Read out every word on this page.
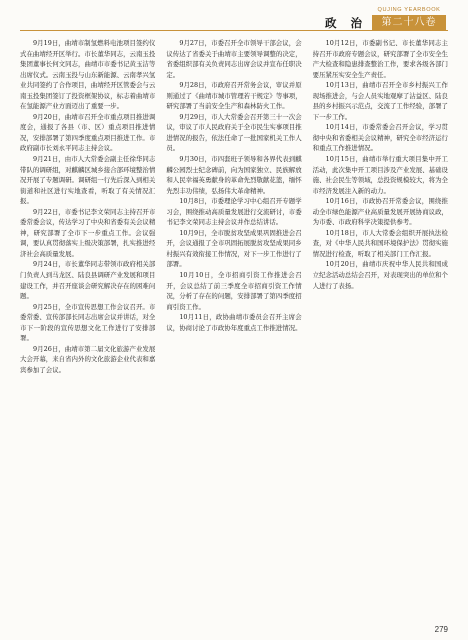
政 治
QUJING YEARBOOK
第二十八卷

9月19日，曲靖市制氢燃料电池项目签约仪式在曲靖经开区举行。市长董华同志，云南玉投集团董事长何文同志，曲靖市市委书记黄玉洁等出席仪式。云南玉投与山东新能源、云南孝兴氢业共同签约了合作项目，曲靖经开区管委会与云南玉投集团签订了投资框架协议，标志着曲靖市在氢能源产业方面迈出了重要一步。

9月20日，曲靖市召开全市重点项目推进调度会，通报了各县（市、区）重点项目推进情况，安排部署了第四季度重点项目推进工作。市政府副市长刘永平同志主持会议。

9月21日，由市人大常委会副主任徐华同志带队的调研组，对麒麟区城乡接合部环境整治情况开展了专题调研。调研组一行先后深入到相关街道和社区进行实地查看，听取了有关情况汇报。

9月22日，市委书记李文荣同志主持召开市委常委会议，传达学习了中央和省委有关会议精神，研究部署了全市下一步重点工作。会议强调，要认真贯彻落实上级决策部署，扎实推进经济社会高质量发展。

9月24日，市长董华同志带领市政府相关部门负责人到马龙区、陆良县调研产业发展和项目建设工作，并召开座谈会研究解决存在的困难问题。

9月25日，全市宣传思想工作会议召开。市委常委、宣传部部长同志出席会议并讲话，对全市下一阶段的宣传思想文化工作进行了安排部署。

9月26日，曲靖市第二届文化旅游产业发展大会开幕，来自省内外的文化旅游企业代表和嘉宾参加了会议。

9月27日，市委召开全市领导干部会议，会议传达了省委关于曲靖市主要领导调整的决定，省委组织部有关负责同志出席会议并宣布任职决定。

9月28日，市政府召开常务会议，审议并原则通过了《曲靖市城市管理若干规定》等事项，研究部署了当前安全生产和森林防火工作。

9月29日，市人大常委会召开第三十一次会议，审议了市人民政府关于全市民生实事项目推进情况的报告，依法任命了一批国家机关工作人员。

9月30日，市四套班子领导和各界代表到麒麟公园烈士纪念碑前，向为国家独立、民族解放和人民幸福英勇献身的革命先烈敬献花篮，缅怀先烈丰功伟绩，弘扬伟大革命精神。

10月8日，市委理论学习中心组召开专题学习会，围绕推动高质量发展进行交流研讨，市委书记李文荣同志主持会议并作总结讲话。

10月9日，全市脱贫攻坚成果巩固推进会召开，会议通报了全市巩固拓展脱贫攻坚成果同乡村振兴有效衔接工作情况，对下一步工作进行了部署。

10月10日，全市招商引资工作推进会召开，会议总结了前三季度全市招商引资工作情况，分析了存在的问题，安排部署了第四季度招商引资工作。

10月11日，政协曲靖市委员会召开主席会议，协商讨论了市政协年度重点工作推进情况。

10月12日，市委副书记、市长董华同志主持召开市政府专题会议，研究部署了全市安全生产大检查和隐患排查整治工作，要求各级各部门要压紧压实安全生产责任。

10月13日，曲靖市召开全市乡村振兴工作现场推进会，与会人员实地观摩了沾益区、陆良县的乡村振兴示范点，交流了工作经验，部署了下一步工作。

10月14日，市委常委会召开会议，学习贯彻中央和省委相关会议精神，研究全市经济运行和重点工作推进情况。

10月15日，曲靖市举行重大项目集中开工活动，此次集中开工项目涉及产业发展、基础设施、社会民生等领域，总投资规模较大，将为全市经济发展注入新的动力。

10月16日，市政协召开常委会议，围绕推动全市绿色能源产业高质量发展开展协商议政，为市委、市政府科学决策提供参考。

10月18日，市人大常委会组织开展执法检查，对《中华人民共和国环境保护法》贯彻实施情况进行检查，听取了相关部门工作汇报。

10月20日，曲靖市庆祝中华人民共和国成立纪念活动总结会召开，对表现突出的单位和个人进行了表扬。

279
